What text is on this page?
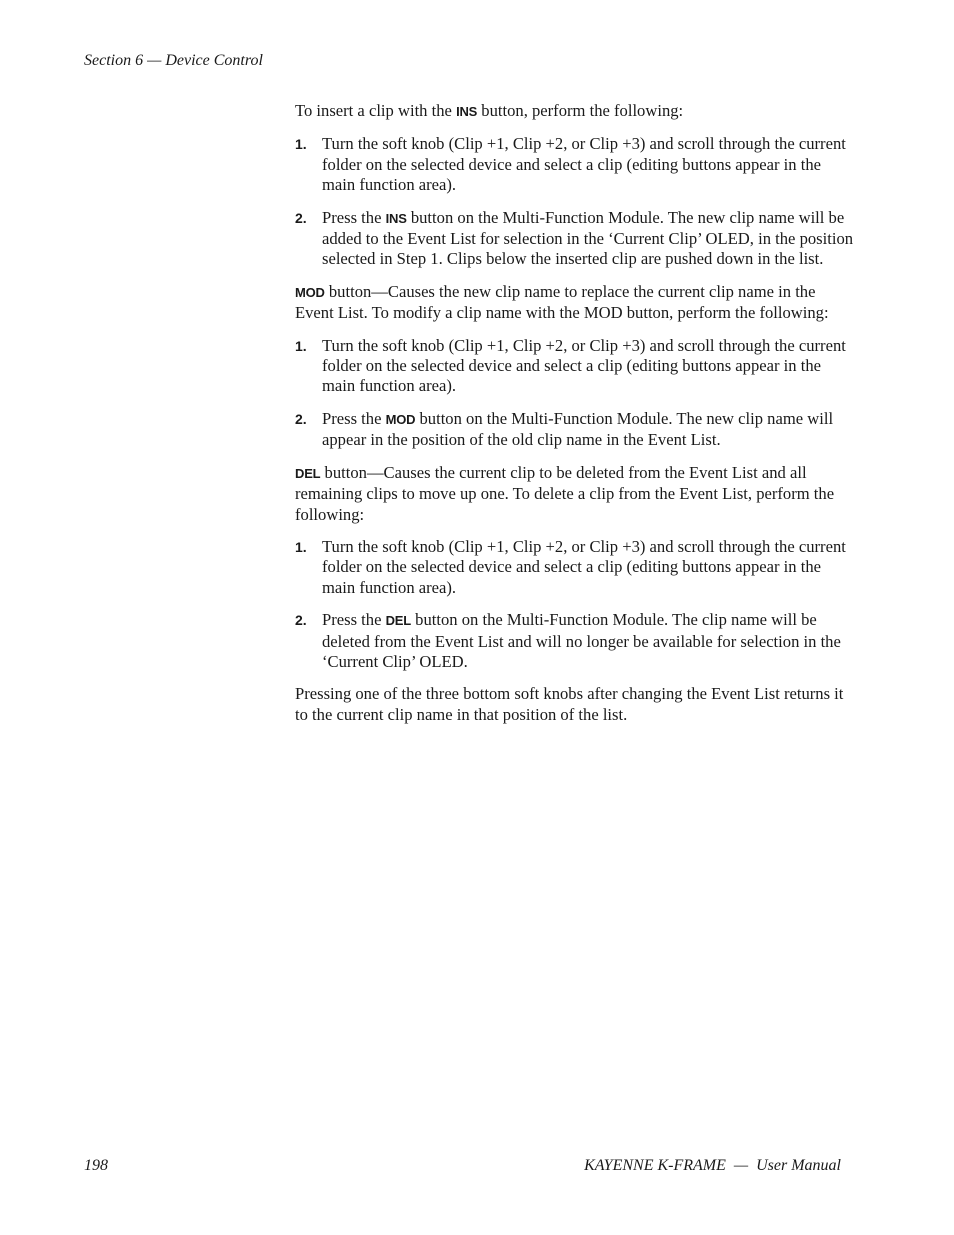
Section 6 — Device Control

To insert a clip with the INS button, perform the following:

1. Turn the soft knob (Clip +1, Clip +2, or Clip +3) and scroll through the current folder on the selected device and select a clip (editing buttons appear in the main function area).
2. Press the INS button on the Multi-Function Module. The new clip name will be added to the Event List for selection in the ‘Current Clip’ OLED, in the position selected in Step 1. Clips below the inserted clip are pushed down in the list.

MOD button—Causes the new clip name to replace the current clip name in the Event List. To modify a clip name with the MOD button, perform the following:

1. Turn the soft knob (Clip +1, Clip +2, or Clip +3) and scroll through the current folder on the selected device and select a clip (editing buttons appear in the main function area).
2. Press the MOD button on the Multi-Function Module. The new clip name will appear in the position of the old clip name in the Event List.

DEL button—Causes the current clip to be deleted from the Event List and all remaining clips to move up one. To delete a clip from the Event List, perform the following:

1. Turn the soft knob (Clip +1, Clip +2, or Clip +3) and scroll through the current folder on the selected device and select a clip (editing buttons appear in the main function area).
2. Press the DEL button on the Multi-Function Module. The clip name will be deleted from the Event List and will no longer be available for selection in the ‘Current Clip’ OLED.

Pressing one of the three bottom soft knobs after changing the Event List returns it to the current clip name in that position of the list.

198	KAYENNE K-FRAME  —  User Manual
